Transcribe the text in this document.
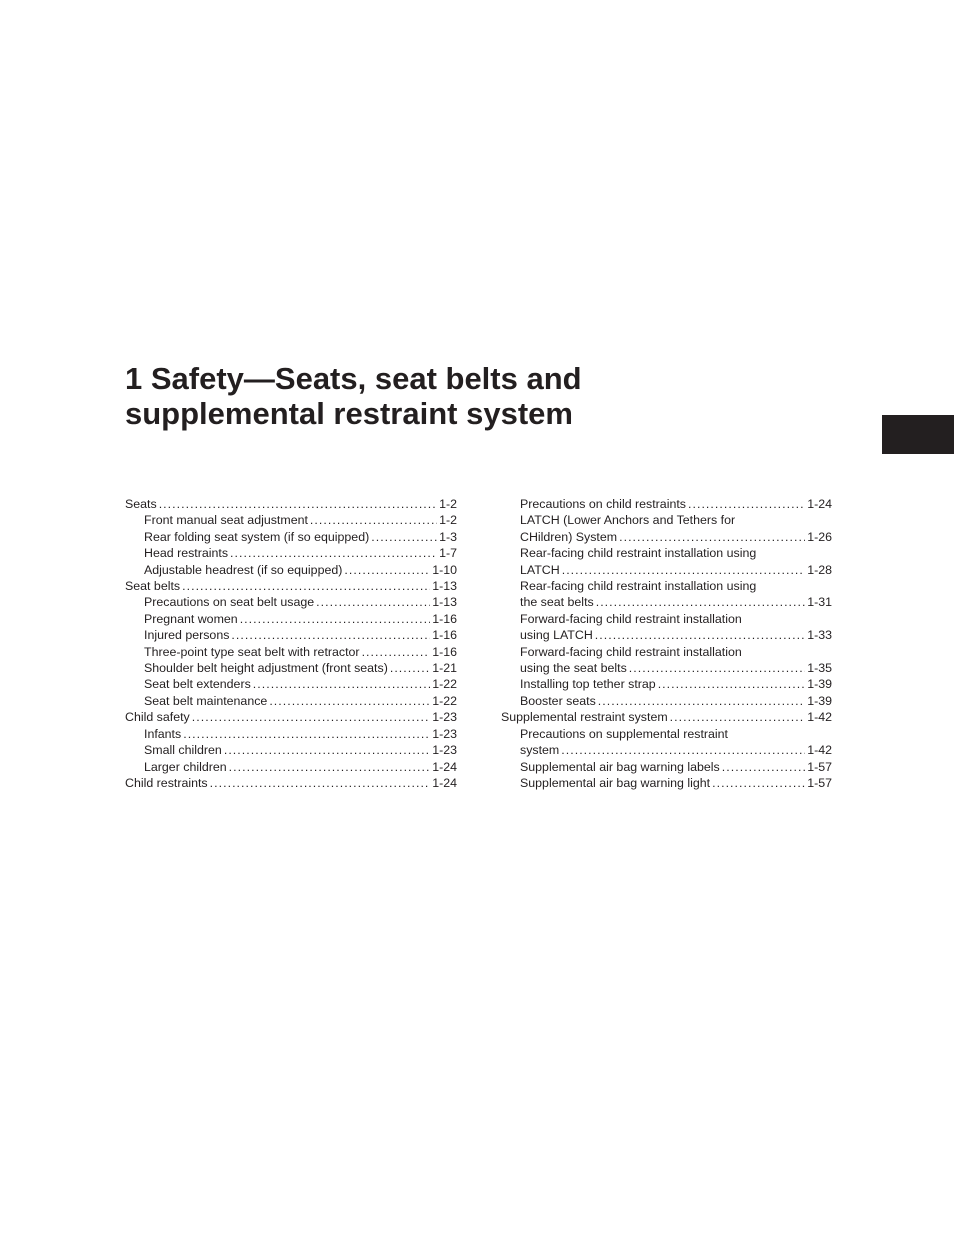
1 Safety—Seats, seat belts and
supplemental restraint system
Seats . . .	1-2
Front manual seat adjustment . . .	1-2
Rear folding seat system (if so equipped) . . .	1-3
Head restraints . . .	1-7
Adjustable headrest (if so equipped) . . .	1-10
Seat belts . . .	1-13
Precautions on seat belt usage . . .	1-13
Pregnant women . . .	1-16
Injured persons . . .	1-16
Three-point type seat belt with retractor . . .	1-16
Shoulder belt height adjustment (front seats) . . .	1-21
Seat belt extenders . . .	1-22
Seat belt maintenance . . .	1-22
Child safety . . .	1-23
Infants . . .	1-23
Small children . . .	1-23
Larger children . . .	1-24
Child restraints . . .	1-24
Precautions on child restraints . . .	1-24
LATCH (Lower Anchors and Tethers for
CHildren) System . . .	1-26
Rear-facing child restraint installation using
LATCH . . .	1-28
Rear-facing child restraint installation using
the seat belts . . .	1-31
Forward-facing child restraint installation
using LATCH . . .	1-33
Forward-facing child restraint installation
using the seat belts . . .	1-35
Installing top tether strap . . .	1-39
Booster seats . . .	1-39
Supplemental restraint system . . .	1-42
Precautions on supplemental restraint
system . . .	1-42
Supplemental air bag warning labels . . .	1-57
Supplemental air bag warning light . . .	1-57
